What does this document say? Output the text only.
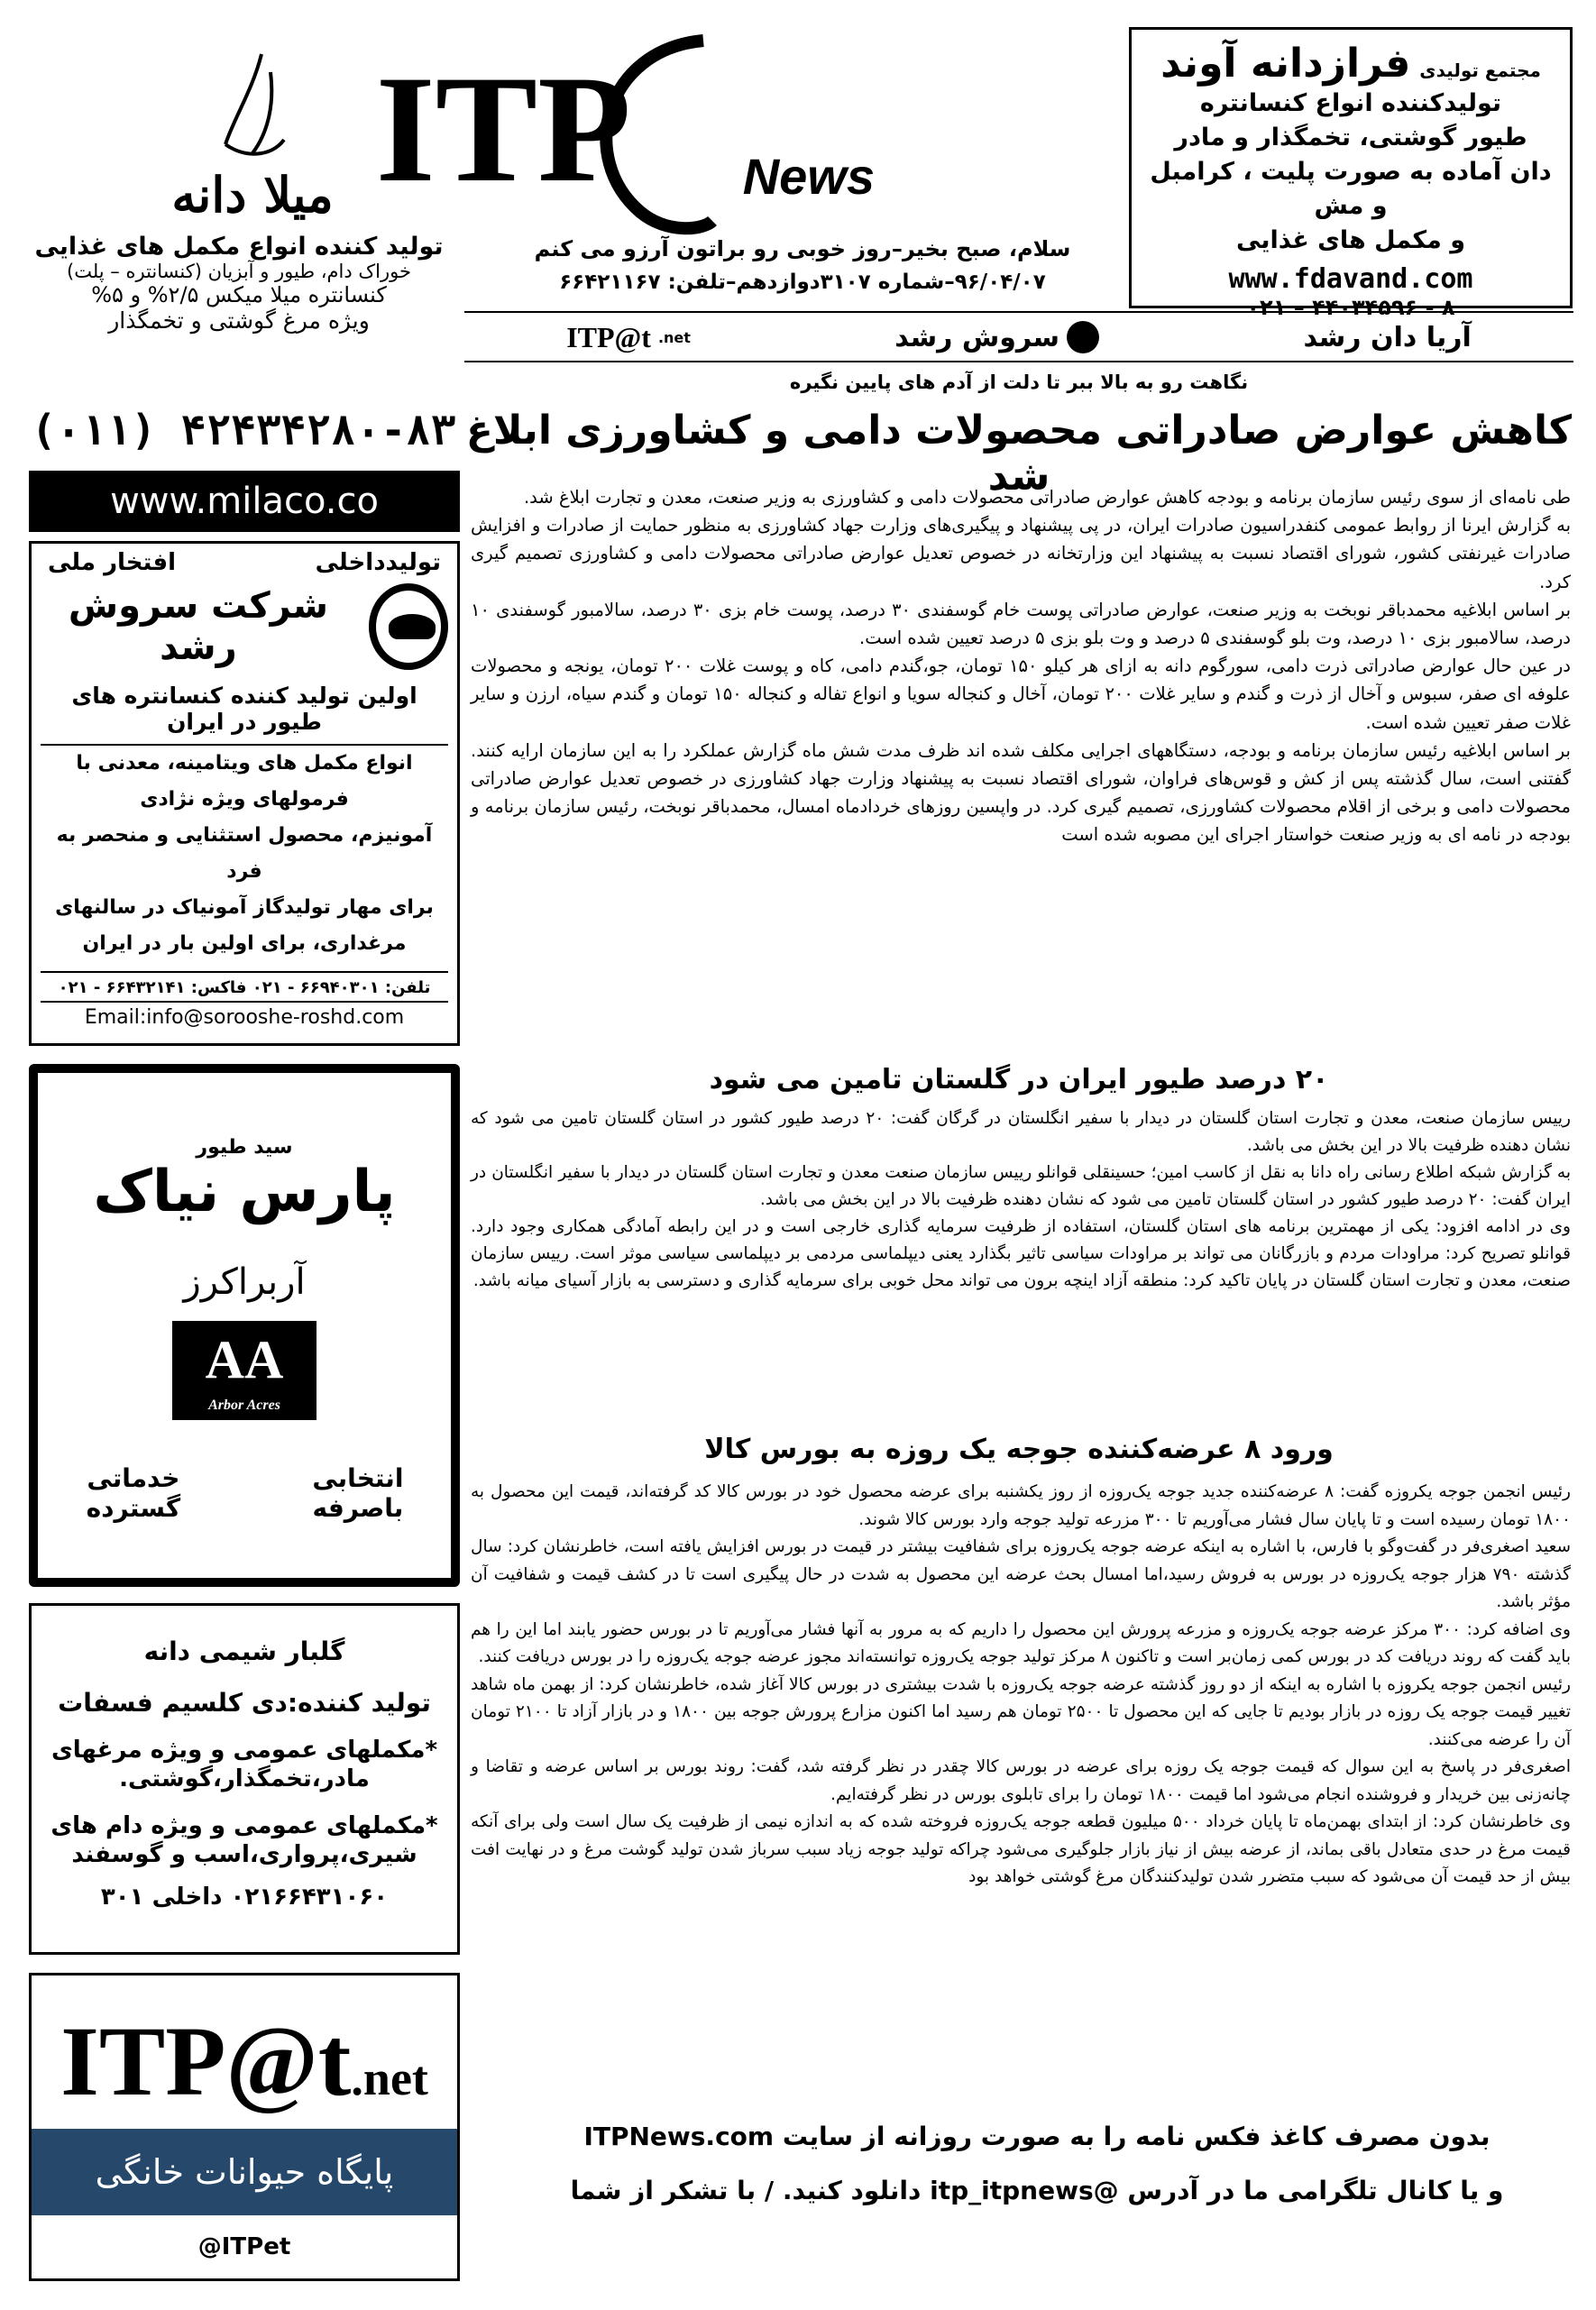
مجتمع تولیدی
فرازدانه آوند
تولیدکننده انواع کنسانتره
طیور گوشتی، تخمگذار و مادر
دان آماده به صورت پلیت ، کرامبل و مش
و مکمل های غذایی
www.fdavand.com
۰۲۱ – ۴۴۰۳۴۵۹۶ - ۸
ITP News
سلام، صبح بخیر–روز خوبی رو براتون آرزو می کنم
۹۶/۰۴/۰۷–شماره ۳۱۰۷دوازدهم–تلفن: ۶۶۴۲۱۱۶۷
میلا دانه
تولید کننده انواع مکمل های غذایی
خوراک دام، طیور و آبزیان (کنسانتره – پلت)
کنسانتره میلا میکس ۲/۵% و ۵%
ویژه مرغ گوشتی و تخمگذار
(۰۱۱) ۴۲۴۳۴۲۸۰-۸۳
www.milaco.co
ITP@t .net	سروش رشد	آریا دان رشد
نگاهت رو به بالا ببر تا دلت از آدم های پایین نگیره
کاهش عوارض صادراتی محصولات دامی و کشاورزی ابلاغ شد

طی نامه‌ای از سوی رئیس سازمان برنامه و بودجه کاهش عوارض صادراتی محصولات دامی و کشاورزی به وزیر صنعت، معدن و تجارت ابلاغ شد.

به گزارش ایرنا از روابط عمومی کنفدراسیون صادرات ایران، در پی پیشنهاد و پیگیری‌های وزارت جهاد کشاورزی به منظور حمایت از صادرات و افزایش صادرات غیرنفتی کشور، شورای اقتصاد نسبت به پیشنهاد این وزارتخانه در خصوص تعدیل عوارض صادراتی محصولات دامی و کشاورزی تصمیم گیری کرد.

بر اساس ابلاغیه محمدباقر نوبخت به وزیر صنعت، عوارض صادراتی پوست خام گوسفندی ۳۰ درصد، پوست خام بزی ۳۰ درصد، سالامبور گوسفندی ۱۰ درصد، سالامبور بزی ۱۰ درصد، وت بلو گوسفندی ۵ درصد و وت بلو بزی ۵ درصد تعیین شده است.

در عین حال عوارض صادراتی ذرت دامی، سورگوم دانه به ازای هر کیلو ۱۵۰ تومان، جو،گندم دامی، کاه و پوست غلات ۲۰۰ تومان، یونجه و محصولات علوفه ای صفر، سبوس و آخال از ذرت و گندم و سایر غلات ۲۰۰ تومان، آخال و کنجاله سویا و انواع تفاله و کنجاله ۱۵۰ تومان و گندم سیاه، ارزن و سایر غلات صفر تعیین شده است.

بر اساس ابلاغیه رئیس سازمان برنامه و بودجه، دستگاههای اجرایی مکلف شده اند ظرف مدت شش ماه گزارش عملکرد را به این سازمان ارایه کنند. گفتنی است، سال گذشته پس از کش و قوس‌های فراوان، شورای اقتصاد نسبت به پیشنهاد وزارت جهاد کشاورزی در خصوص تعدیل عوارض صادراتی محصولات دامی و برخی از اقلام محصولات کشاورزی، تصمیم گیری کرد. در واپسین روزهای خردادماه امسال، محمدباقر نوبخت، رئیس سازمان برنامه و بودجه در نامه ای به وزیر صنعت خواستار اجرای این مصوبه شده است

۲۰ درصد طیور ایران در گلستان تامین می شود

رییس سازمان صنعت، معدن و تجارت استان گلستان در دیدار با سفیر انگلستان در گرگان گفت: ۲۰ درصد طیور کشور در استان گلستان تامین می شود که نشان دهنده ظرفیت بالا در این بخش می باشد.

به گزارش شبکه اطلاع رسانی راه دانا به نقل از کاسب امین؛ حسینقلی قوانلو رییس سازمان صنعت معدن و تجارت استان گلستان در دیدار با سفیر انگلستان در ایران گفت: ۲۰ درصد طیور کشور در استان گلستان تامین می شود که نشان دهنده ظرفیت بالا در این بخش می باشد.

وی در ادامه افزود: یکی از مهمترین برنامه های استان گلستان، استفاده از ظرفیت سرمایه گذاری خارجی است و در این رابطه آمادگی همکاری وجود دارد. قوانلو تصریح کرد: مراودات مردم و بازرگانان می تواند بر مراودات سیاسی تاثیر بگذارد یعنی دیپلماسی مردمی بر دیپلماسی سیاسی موثر است. رییس سازمان صنعت، معدن و تجارت استان گلستان در پایان تاکید کرد: منطقه آزاد اینچه برون می تواند محل خوبی برای سرمایه گذاری و دسترسی به بازار آسیای میانه باشد.

ورود ۸ عرضه‌کننده جوجه یک روزه به بورس کالا

رئیس انجمن جوجه یکروزه گفت: ۸ عرضه‌کننده جدید جوجه یک‌روزه از روز یکشنبه برای عرضه محصول خود در بورس کالا کد گرفته‌اند، قیمت این محصول به ۱۸۰۰ تومان رسیده است و تا پایان سال فشار می‌آوریم تا ۳۰۰ مزرعه تولید جوجه وارد بورس کالا شوند.

سعید اصغری‌فر در گفت‌وگو با فارس، با اشاره به اینکه عرضه جوجه یک‌روزه برای شفافیت بیشتر در قیمت در بورس افزایش یافته است، خاطرنشان کرد: سال گذشته ۷۹۰ هزار جوجه یک‌روزه در بورس به فروش رسید،اما امسال بحث عرضه این محصول به شدت در حال پیگیری است تا در کشف قیمت و شفافیت آن مؤثر باشد.

وی اضافه کرد: ۳۰۰ مرکز عرضه جوجه یک‌روزه و مزرعه پرورش این محصول را داریم که به مرور به آنها فشار می‌آوریم تا در بورس حضور یابند اما این را هم باید گفت که روند دریافت کد در بورس کمی زمان‌بر است و تاکنون ۸ مرکز تولید جوجه یک‌روزه توانسته‌اند مجوز عرضه جوجه یک‌روزه را در بورس دریافت کنند.

رئیس انجمن جوجه یکروزه با اشاره به اینکه از دو روز گذشته عرضه جوجه یک‌روزه با شدت بیشتری در بورس کالا آغاز شده، خاطرنشان کرد: از بهمن ماه شاهد تغییر قیمت جوجه یک روزه در بازار بودیم تا جایی که این محصول تا ۲۵۰۰ تومان هم رسید اما اکنون مزارع پرورش جوجه بین ۱۸۰۰ و در بازار آزاد تا ۲۱۰۰ تومان آن را عرضه می‌کنند.

اصغری‌فر در پاسخ به این سوال که قیمت جوجه یک روزه برای عرضه در بورس کالا چقدر در نظر گرفته شد، گفت: روند بورس بر اساس عرضه و تقاضا و چانه‌زنی بین خریدار و فروشنده انجام می‌شود اما قیمت ۱۸۰۰ تومان را برای تابلوی بورس در نظر گرفته‌ایم.

وی خاطرنشان کرد: از ابتدای بهمن‌ماه تا پایان خرداد ۵۰۰ میلیون قطعه جوجه یک‌روزه فروخته شده که به اندازه نیمی از ظرفیت یک سال است ولی برای آنکه قیمت مرغ در حدی متعادل باقی بماند، از عرضه بیش از نیاز بازار جلوگیری می‌شود چراکه تولید جوجه زیاد سبب سرباز شدن تولید گوشت مرغ و در نهایت افت بیش از حد قیمت آن می‌شود که سبب متضرر شدن تولیدکنندگان مرغ گوشتی خواهد بود

بدون مصرف کاغذ فکس نامه را به صورت روزانه از سایت ITPNews.com
و یا کانال تلگرامی ما در آدرس @itp_itpnews دانلود کنید. / با تشکر از شما
تولیدداخلی
افتخار ملی
شرکت سروش رشد
اولین تولید کننده کنسانتره های طیور در ایران
انواع مکمل های ویتامینه، معدنی با فرمولهای ویژه نژادی
آمونیزم، محصول استثنایی و منحصر به فرد
برای مهار تولیدگاز آمونیاک در سالنهای
مرغداری، برای اولین بار در ایران
تلفن: ۶۶۹۴۰۳۰۱ - ۰۲۱ فاکس: ۶۶۴۳۲۱۴۱ - ۰۲۱
Email:info@sorooshe-roshd.com
سید طیور
پارس نیاک
آربراکرز
AA
Arbor Acres
انتخابی باصرفه
خدماتی گسترده
گلبار شیمی دانه
تولید کننده:دی کلسیم فسفات
*مکملهای عمومی و ویژه مرغهای مادر،تخمگذار،گوشتی.
*مکملهای عمومی و ویژه دام های شیری،پرواری،اسب و گوسفند
۰۲۱۶۶۴۳۱۰۶۰ داخلی ۳۰۱
ITP@t.net
پایگاه حیوانات خانگی
@ITPet
